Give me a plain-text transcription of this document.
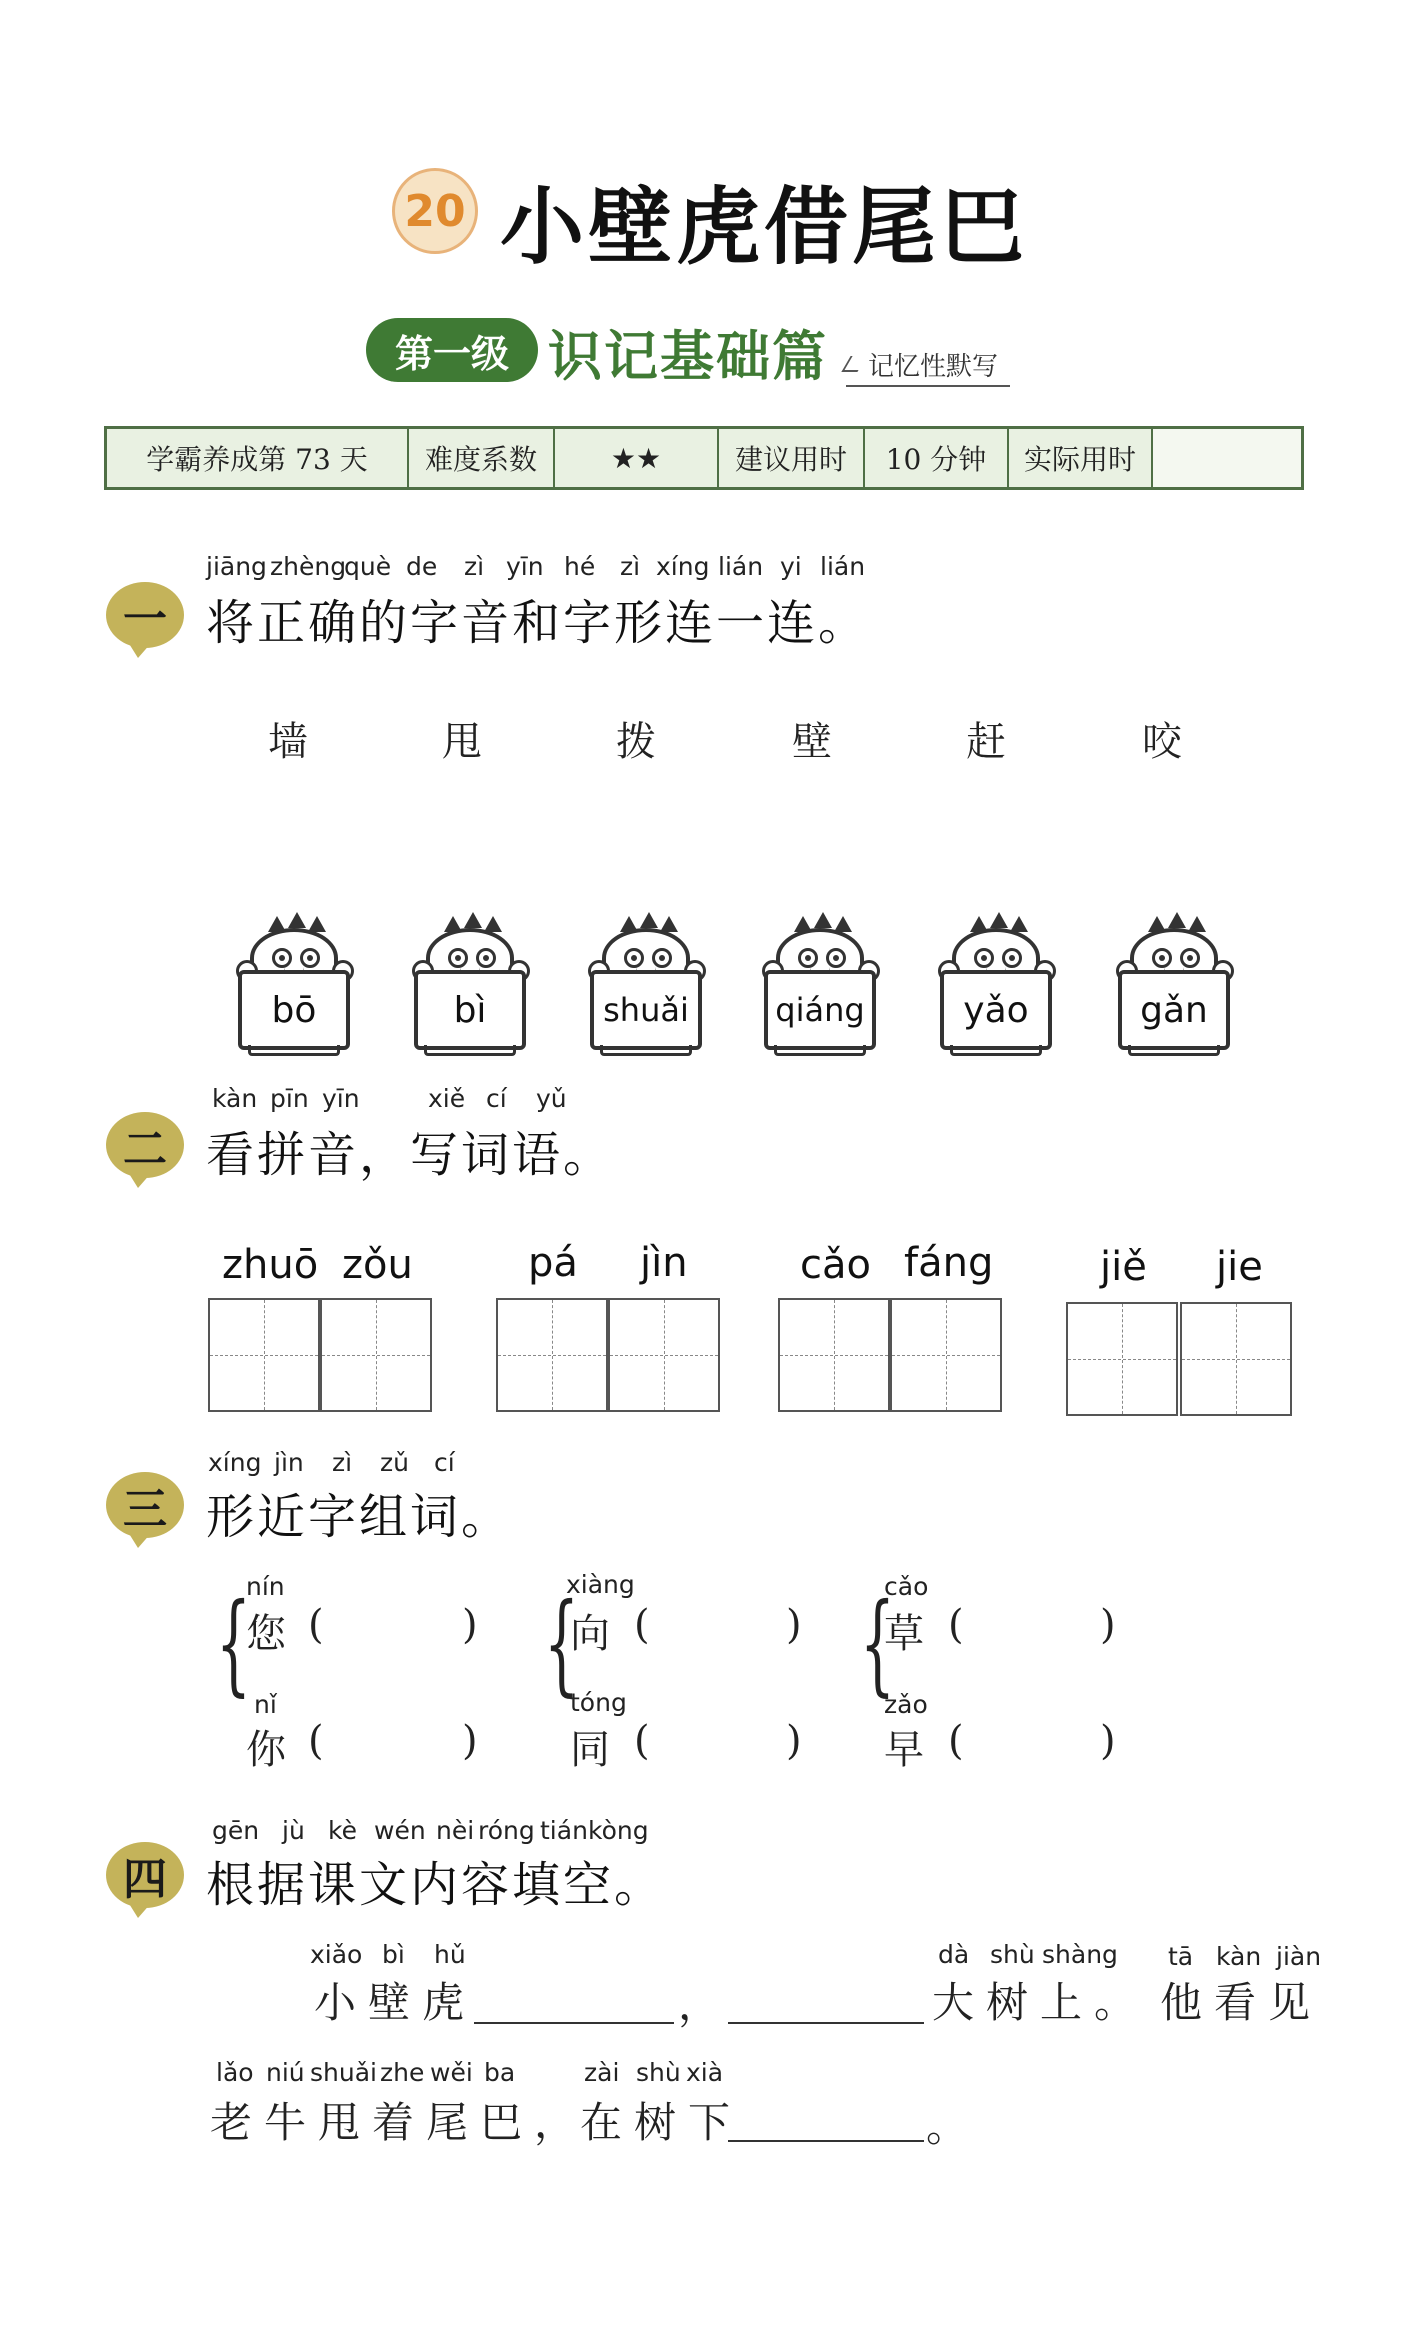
20 小壁虎借尾巴
第一级 识记基础篇	记忆性默写
学霸养成第 73 天	难度系数	★★	建议用时	10 分钟	实际用时
一
jiāng zhèng
què de zì yīn hé zì xíng lián yi lián
将正确的字音和字形连一连。
墙	甩	拨	壁	赶	咬
bō	bì	shuǎi	qiáng	yǎo	gǎn
二
kàn pīn yīn	xiě cí yǔ
看拼音，写词语。
zhuō zǒu	pá jìn	cǎo fáng	jiě jie
三
xíng jìn zì zǔ cí
形近字组词。
{
nín
您 (	)
nǐ
你 (	)
{
xiàng
向 (	)
tóng
同 (	)
{
cǎo
草 (	)
zǎo
早 (	)
四
gēn jù kè wén nèi róng tián kòng
根据课文内容填空。
xiǎo bì hǔ
小壁虎	，
dà shù shàng
大树上。
tā kàn jiàn
他看见
lǎo niú shuǎi zhe wěi ba
老牛甩着尾巴，
zài shù xià
在树下	。
